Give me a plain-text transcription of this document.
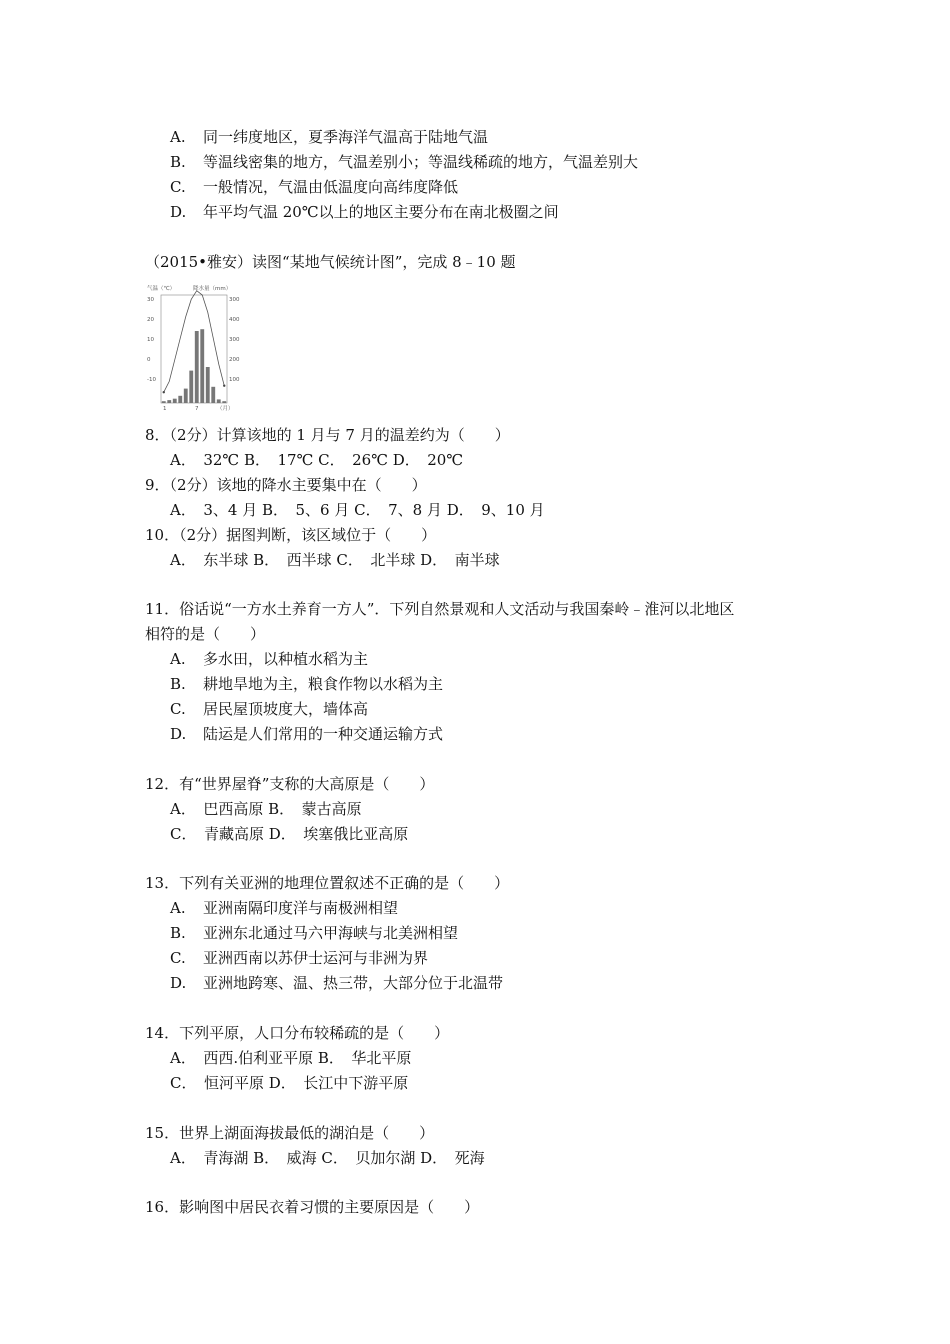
A. 同一纬度地区，夏季海洋气温高于陆地气温
B. 等温线密集的地方，气温差别小；等温线稀疏的地方，气温差别大
C. 一般情况，气温由低温度向高纬度降低
D. 年平均气温 20℃以上的地区主要分布在南北极圈之间
（2015•雅安）读图“某地气候统计图”，完成 8﹣10 题
气温（℃）	降水量（mm）
30
20
10
0
-10
300
400
300
200
100
1	7	（月）
8．（2分）计算该地的 1 月与 7 月的温差约为（　　）
A．　32℃ B．　17℃ C．　26℃ D．　20℃
9．（2分）该地的降水主要集中在（　　）
A．　3、4 月 B．　5、6 月 C．　7、8 月 D．　9、10 月
10．（2分）据图判断，该区域位于（　　）
A．　东半球 B．　西半球 C．　北半球 D．　南半球
11．俗话说“一方水土养育一方人”．下列自然景观和人文活动与我国秦岭﹣淮河以北地区
相符的是（　　）
A. 多水田，以种植水稻为主
B. 耕地旱地为主，粮食作物以水稻为主
C. 居民屋顶坡度大，墙体高
D. 陆运是人们常用的一种交通运输方式
12．有“世界屋脊”支称的大高原是（　　）
A．　巴西高原 B．　蒙古高原
C．　青藏高原 D．　埃塞俄比亚高原
13．下列有关亚洲的地理位置叙述不正确的是（　　）
A. 亚洲南隔印度洋与南极洲相望
B. 亚洲东北通过马六甲海峡与北美洲相望
C. 亚洲西南以苏伊士运河与非洲为界
D. 亚洲地跨寒、温、热三带，大部分位于北温带
14．下列平原，人口分布较稀疏的是（　　）
A．　西西.伯利亚平原 B．　华北平原
C．　恒河平原 D．　长江中下游平原
15．世界上湖面海拔最低的湖泊是（　　）
A．　青海湖 B．　威海 C．　贝加尔湖 D．　死海
16．影响图中居民衣着习惯的主要原因是（　　）
